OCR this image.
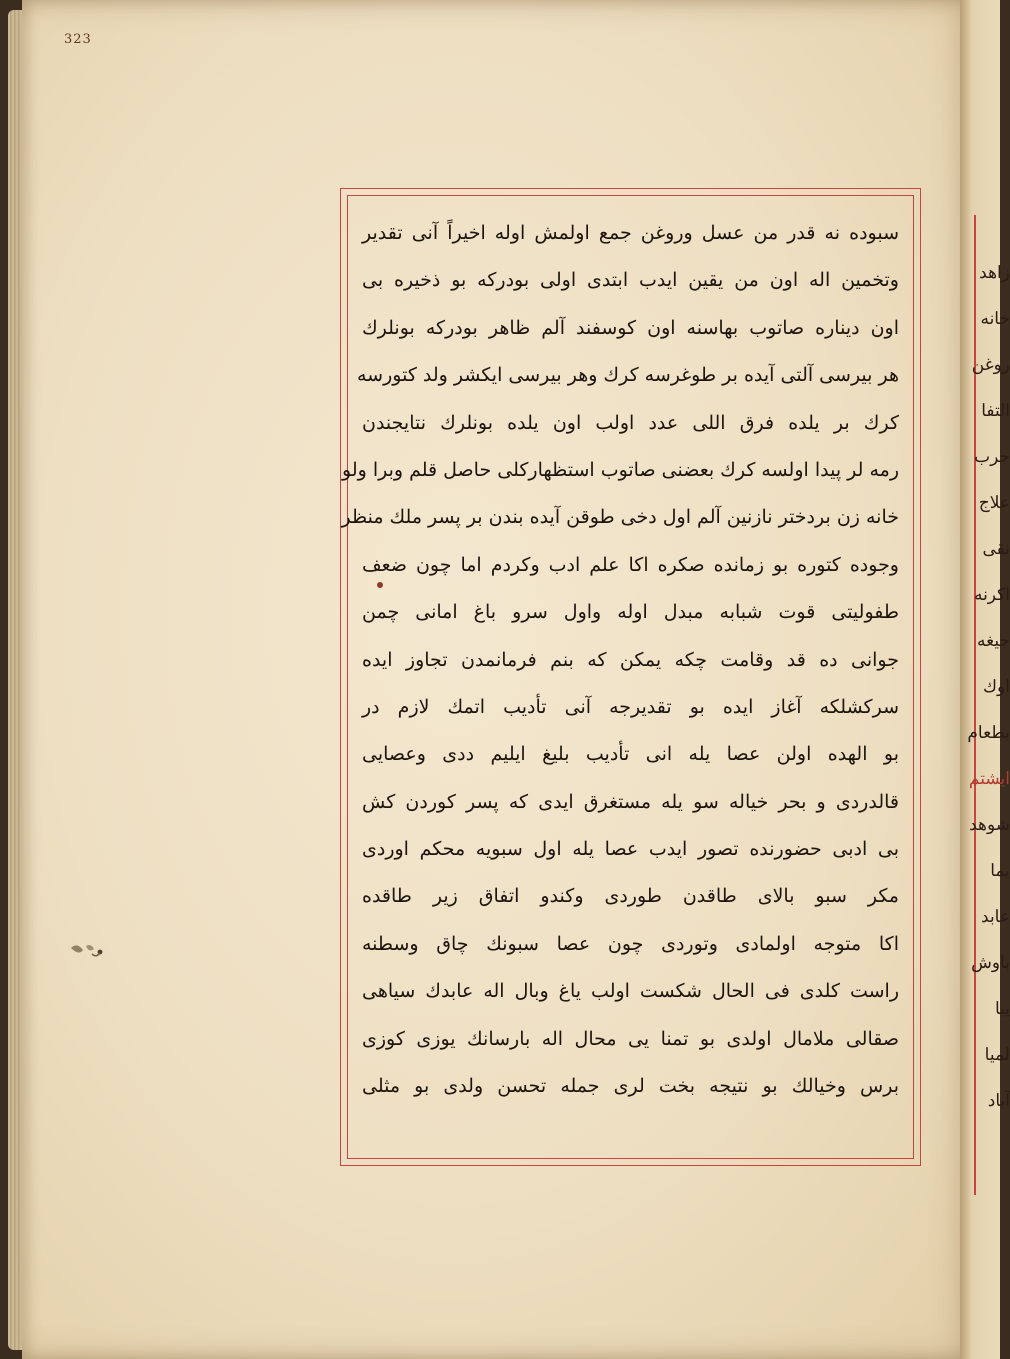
323
سبوده نه قدر من عسل وروغن جمع اولمش اوله اخیراً آنی تقدیر
وتخمین اله اون من یقین ایدب ابتدی اولی بودرکه بو ذخیره بی
اون دیناره صاتوب بهاسنه اون کوسفند آلم ظاهر بودرکه بونلرك
هر بیرسی آلتی آیده بر طوغرسه کرك وهر بیرسی ایکشر ولد کتورسه
کرك بر یلده فرق اللی عدد اولب اون یلده بونلرك نتایجندن
رمه لر پیدا اولسه کرك بعضنی صاتوب استظهارکلی حاصل قلم وبرا ولو
خانه زن بردختر نازنین آلم اول دخی طوقن آیده بندن بر پسر ملك منظر
وجوده کتوره بو زمانده صکره اکا علم ادب وکردم اما چون ضعف
طفولیتی قوت شبابه مبدل اوله واول سرو باغ امانی چمن
جوانی ده قد وقامت چکه یمکن که بنم فرمانمدن تجاوز ایده
سرکشلکه آغاز ایده بو تقدیرجه آنی تأدیب اتمك لازم در
بو الهده اولن عصا یله انی تأدیب بلیغ ایلیم ددی وعصایی
قالدردی و بحر خیاله سو یله مستغرق ایدی که پسر کوردن کش
بی ادبی حضورنده تصور ایدب عصا یله اول سبویه محکم اوردی
مکر سبو بالای طاقدن طوردی وکندو اتفاق زیر طاقده
اکا متوجه اولمادی وتوردی چون عصا سبونك چاق وسطنه
راست کلدی فی الحال شکست اولب یاغ وبال اله عابدك سیاهی
صقالی ملامال اولدی بو تمنا یی محال اله بارسانك یوزی کوزی
برس وخیالك بو نتیجه بخت لری جمله تحسن ولدی بو مثلی
زاهد
خانه
روغن
التفا
جرب
علاج
نقی
اکرنه
جیغه
اوك
بطعام
ایشتم
شوهد
یما
عابد
باوش
یبا
لمیا
آباد
